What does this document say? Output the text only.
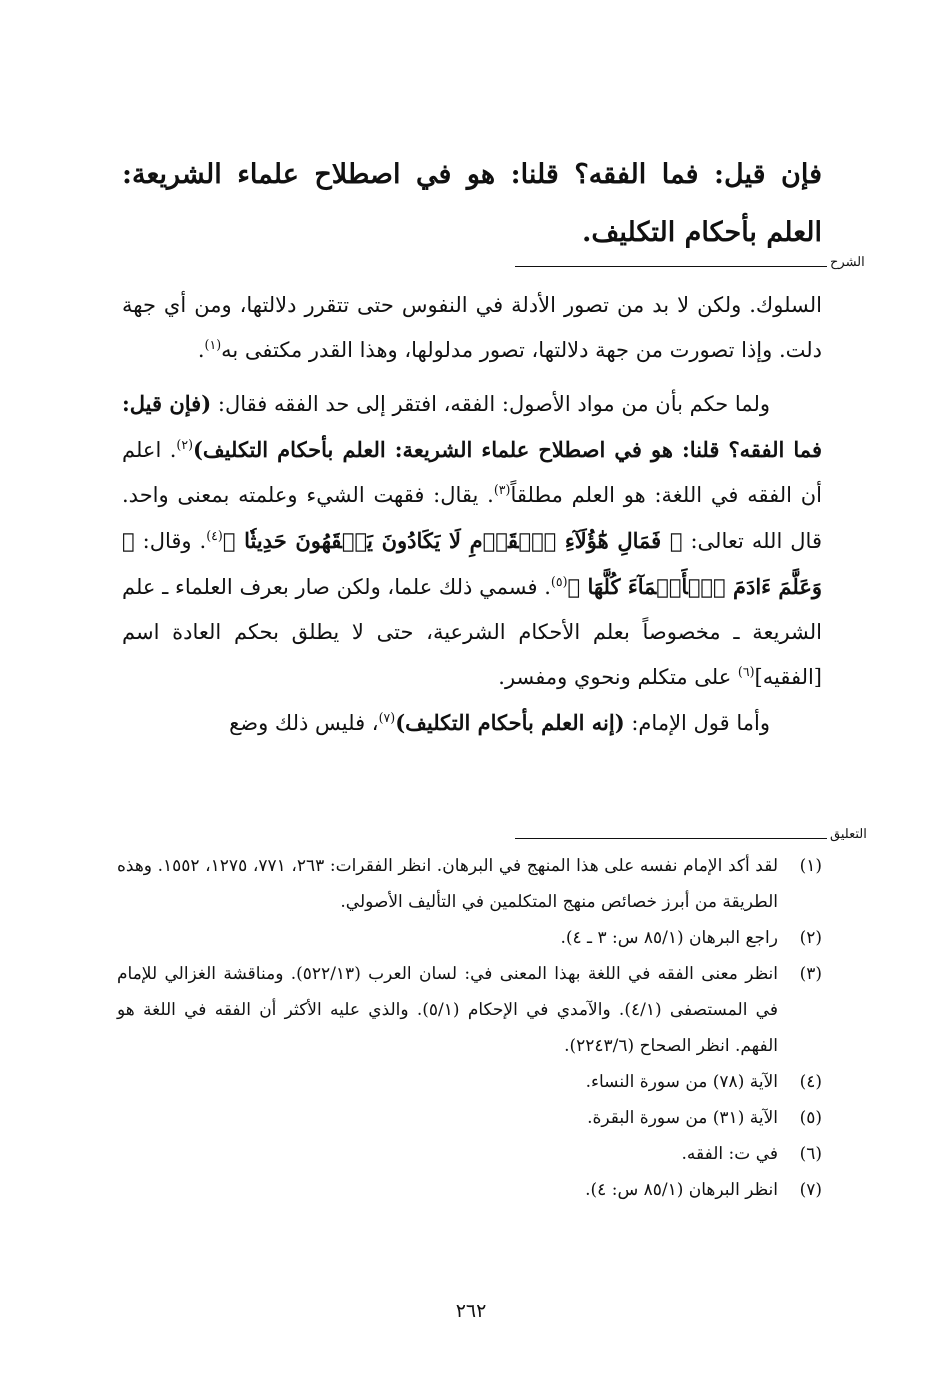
فإن قيل: فما الفقه؟ قلنا: هو في اصطلاح علماء الشريعة: العلم بأحكام التكليف.
الشرح

السلوك. ولكن لا بد من تصور الأدلة في النفوس حتى تتقرر دلالتها، ومن أي جهة دلت. وإذا تصورت من جهة دلالتها، تصور مدلولها، وهذا القدر مكتفى به$^{(١)}$.

ولما حكم بأن من مواد الأصول: الفقه، افتقر إلى حد الفقه فقال: (فإن قيل: فما الفقه؟ قلنا: هو في اصطلاح علماء الشريعة: العلم بأحكام التكليف)$^{(٢)}$. اعلم أن الفقه في اللغة: هو العلم مطلقاً$^{(٣)}$. يقال: فقهت الشيء وعلمته بمعنى واحد. قال الله تعالى: ﴿ فَمَالِ هَٰٓؤُلَآءِ ٱلۡقَوۡمِ لَا يَكَادُونَ يَفۡقَهُونَ حَدِيثٗا ﴾$^{(٤)}$. وقال: ﴿ وَعَلَّمَ ءَادَمَ ٱلۡأَسۡمَآءَ كُلَّهَا ﴾$^{(٥)}$. فسمي ذلك علما، ولكن صار بعرف العلماء ـ علم الشريعة ـ مخصوصاً بعلم الأحكام الشرعية، حتى لا يطلق بحكم العادة اسم [الفقيه]$^{(٦)}$ على متكلم ونحوي ومفسر.

وأما قول الإمام: (إنه العلم بأحكام التكليف)$^{(٧)}$، فليس ذلك وضع

التعليق
(١)
لقد أكد الإمام نفسه على هذا المنهج في البرهان. انظر الفقرات: ٢٦٣، ٧٧١، ١٢٧٥، ١٥٥٢. وهذه الطريقة من أبرز خصائص منهج المتكلمين في التأليف الأصولي.
(٢)
راجع البرهان (٨٥/١ س: ٣ ـ ٤).
(٣)
انظر معنى الفقه في اللغة بهذا المعنى في: لسان العرب (٥٢٢/١٣). ومناقشة الغزالي للإمام في المستصفى (٤/١). والآمدي في الإحكام (٥/١). والذي عليه الأكثر أن الفقه في اللغة هو الفهم. انظر الصحاح (٢٢٤٣/٦).
(٤)
الآية (٧٨) من سورة النساء.
(٥)
الآية (٣١) من سورة البقرة.
(٦)
في ت: الفقه.
(٧)
انظر البرهان (٨٥/١ س: ٤).
٢٦٢
